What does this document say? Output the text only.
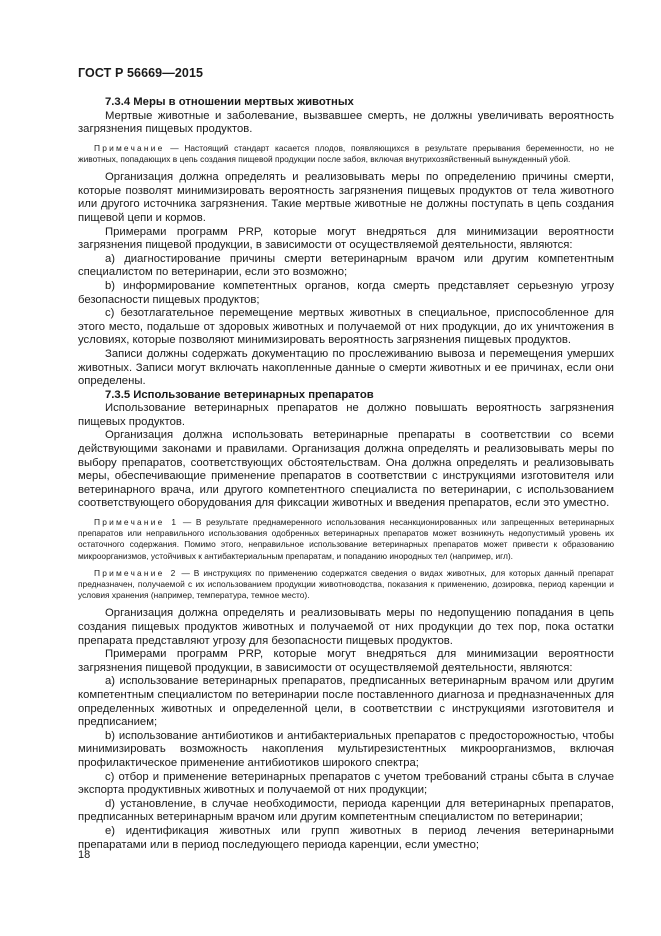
ГОСТ Р 56669—2015

7.3.4 Меры в отношении мертвых животных

Мертвые животные и заболевание, вызвавшее смерть, не должны увеличивать вероятность загрязнения пищевых продуктов.

Примечание — Настоящий стандарт касается плодов, появляющихся в результате прерывания беременности, но не животных, попадающих в цепь создания пищевой продукции после забоя, включая внутрихозяйственный вынужденный убой.

Организация должна определять и реализовывать меры по определению причины смерти, которые позволят минимизировать вероятность загрязнения пищевых продуктов от тела животного или другого источника загрязнения. Такие мертвые животные не должны поступать в цепь создания пищевой цепи и кормов.

Примерами программ PRP, которые могут внедряться для минимизации вероятности загрязнения пищевой продукции, в зависимости от осуществляемой деятельности, являются:

a) диагностирование причины смерти ветеринарным врачом или другим компетентным специалистом по ветеринарии, если это возможно;

b) информирование компетентных органов, когда смерть представляет серьезную угрозу безопасности пищевых продуктов;

c) безотлагательное перемещение мертвых животных в специальное, приспособленное для этого место, подальше от здоровых животных и получаемой от них продукции, до их уничтожения в условиях, которые позволяют минимизировать вероятность загрязнения пищевых продуктов.

Записи должны содержать документацию по прослеживанию вывоза и перемещения умерших животных. Записи могут включать накопленные данные о смерти животных и ее причинах, если они определены.

7.3.5 Использование ветеринарных препаратов

Использование ветеринарных препаратов не должно повышать вероятность загрязнения пищевых продуктов.

Организация должна использовать ветеринарные препараты в соответствии со всеми действующими законами и правилами. Организация должна определять и реализовывать меры по выбору препаратов, соответствующих обстоятельствам. Она должна определять и реализовывать меры, обеспечивающие применение препаратов в соответствии с инструкциями изготовителя или ветеринарного врача, или другого компетентного специалиста по ветеринарии, с использованием соответствующего оборудования для фиксации животных и введения препаратов, если это уместно.

Примечание 1 — В результате преднамеренного использования несанкционированных или запрещенных ветеринарных препаратов или неправильного использования одобренных ветеринарных препаратов может возникнуть недопустимый уровень их остаточного содержания. Помимо этого, неправильное использование ветеринарных препаратов может привести к образованию микроорганизмов, устойчивых к антибактериальным препаратам, и попаданию инородных тел (например, игл).

Примечание 2 — В инструкциях по применению содержатся сведения о видах животных, для которых данный препарат предназначен, получаемой с их использованием продукции животноводства, показания к применению, дозировка, период каренции и условия хранения (например, температура, темное место).

Организация должна определять и реализовывать меры по недопущению попадания в цепь создания пищевых продуктов животных и получаемой от них продукции до тех пор, пока остатки препарата представляют угрозу для безопасности пищевых продуктов.

Примерами программ PRP, которые могут внедряться для минимизации вероятности загрязнения пищевой продукции, в зависимости от осуществляемой деятельности, являются:

a) использование ветеринарных препаратов, предписанных ветеринарным врачом или другим компетентным специалистом по ветеринарии после поставленного диагноза и предназначенных для определенных животных и определенной цели, в соответствии с инструкциями изготовителя и предписанием;

b) использование антибиотиков и антибактериальных препаратов с предосторожностью, чтобы минимизировать возможность накопления мультирезистентных микроорганизмов, включая профилактическое применение антибиотиков широкого спектра;

c) отбор и применение ветеринарных препаратов с учетом требований страны сбыта в случае экспорта продуктивных животных и получаемой от них продукции;

d) установление, в случае необходимости, периода каренции для ветеринарных препаратов, предписанных ветеринарным врачом или другим компетентным специалистом по ветеринарии;

e) идентификация животных или групп животных в период лечения ветеринарными препаратами или в период последующего периода каренции, если уместно;

18
